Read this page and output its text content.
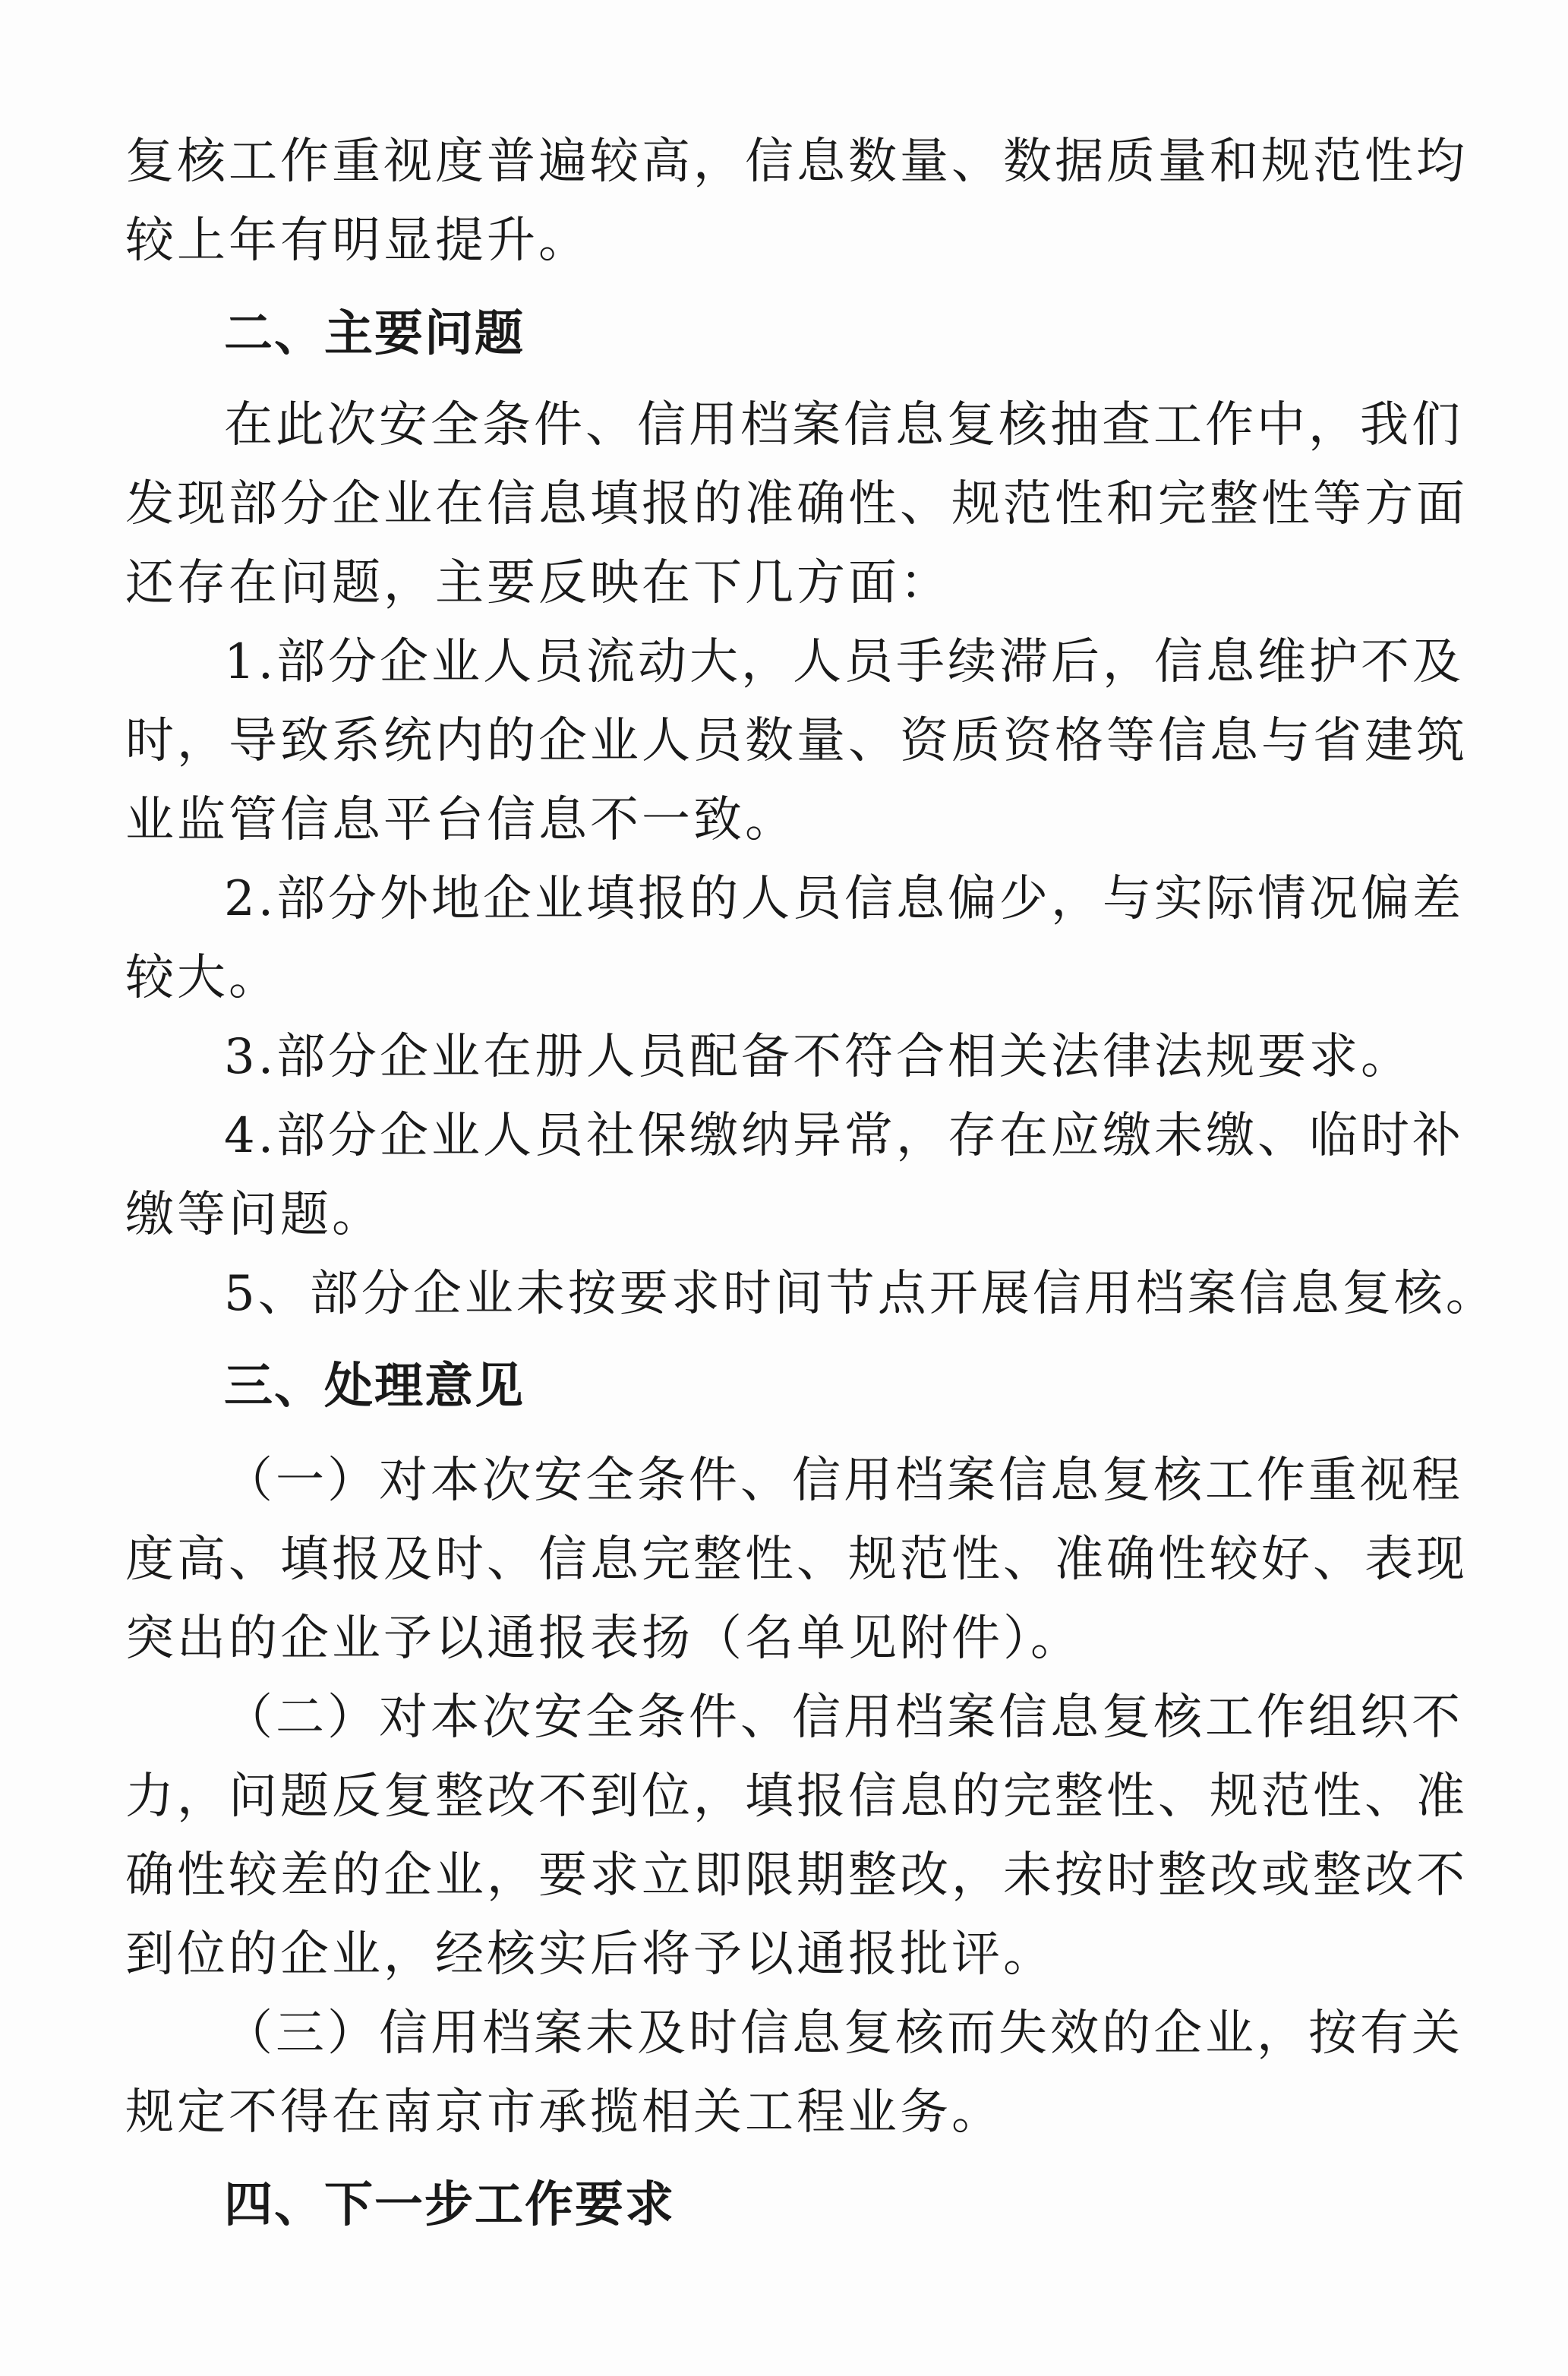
复核工作重视度普遍较高，信息数量、数据质量和规范性均
较上年有明显提升。
二、主要问题
在此次安全条件、信用档案信息复核抽查工作中，我们
发现部分企业在信息填报的准确性、规范性和完整性等方面
还存在问题，主要反映在下几方面：
1.部分企业人员流动大，人员手续滞后，信息维护不及
时，导致系统内的企业人员数量、资质资格等信息与省建筑
业监管信息平台信息不一致。
2.部分外地企业填报的人员信息偏少，与实际情况偏差
较大。
3.部分企业在册人员配备不符合相关法律法规要求。
4.部分企业人员社保缴纳异常，存在应缴未缴、临时补
缴等问题。
5、部分企业未按要求时间节点开展信用档案信息复核。
三、处理意见
（一）对本次安全条件、信用档案信息复核工作重视程
度高、填报及时、信息完整性、规范性、准确性较好、表现
突出的企业予以通报表扬（名单见附件）。
（二）对本次安全条件、信用档案信息复核工作组织不
力，问题反复整改不到位，填报信息的完整性、规范性、准
确性较差的企业，要求立即限期整改，未按时整改或整改不
到位的企业，经核实后将予以通报批评。
（三）信用档案未及时信息复核而失效的企业，按有关
规定不得在南京市承揽相关工程业务。
四、下一步工作要求
